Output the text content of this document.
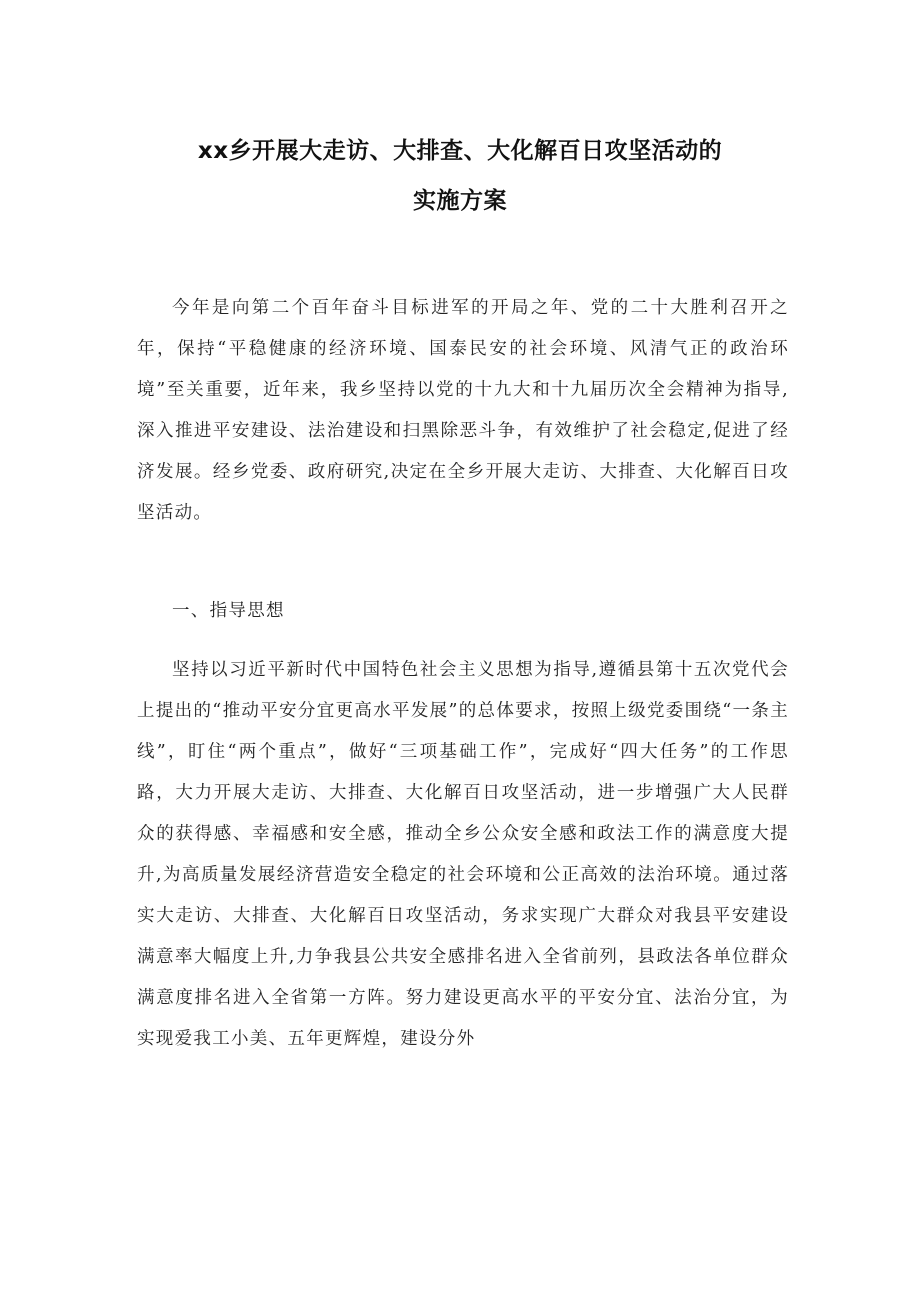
xx乡开展大走访、大排查、大化解百日攻坚活动的
实施方案

今年是向第二个百年奋斗目标进军的开局之年、党的二十大胜利召开之年，保持“平稳健康的经济环境、国泰民安的社会环境、风清气正的政治环境”至关重要，近年来，我乡坚持以党的十九大和十九届历次全会精神为指导,深入推进平安建设、法治建设和扫黑除恶斗争，有效维护了社会稳定,促进了经济发展。经乡党委、政府研究,决定在全乡开展大走访、大排查、大化解百日攻坚活动。

一、指导思想

坚持以习近平新时代中国特色社会主义思想为指导,遵循县第十五次党代会上提出的“推动平安分宜更高水平发展”的总体要求，按照上级党委围绕“一条主线”，盯住“两个重点”，做好“三项基础工作”，完成好“四大任务”的工作思路，大力开展大走访、大排查、大化解百日攻坚活动，进一步增强广大人民群众的获得感、幸福感和安全感，推动全乡公众安全感和政法工作的满意度大提升,为高质量发展经济营造安全稳定的社会环境和公正高效的法治环境。通过落实大走访、大排查、大化解百日攻坚活动，务求实现广大群众对我县平安建设满意率大幅度上升,力争我县公共安全感排名进入全省前列，县政法各单位群众满意度排名进入全省第一方阵。努力建设更高水平的平安分宜、法治分宜，为实现爱我工小美、五年更辉煌，建设分外
